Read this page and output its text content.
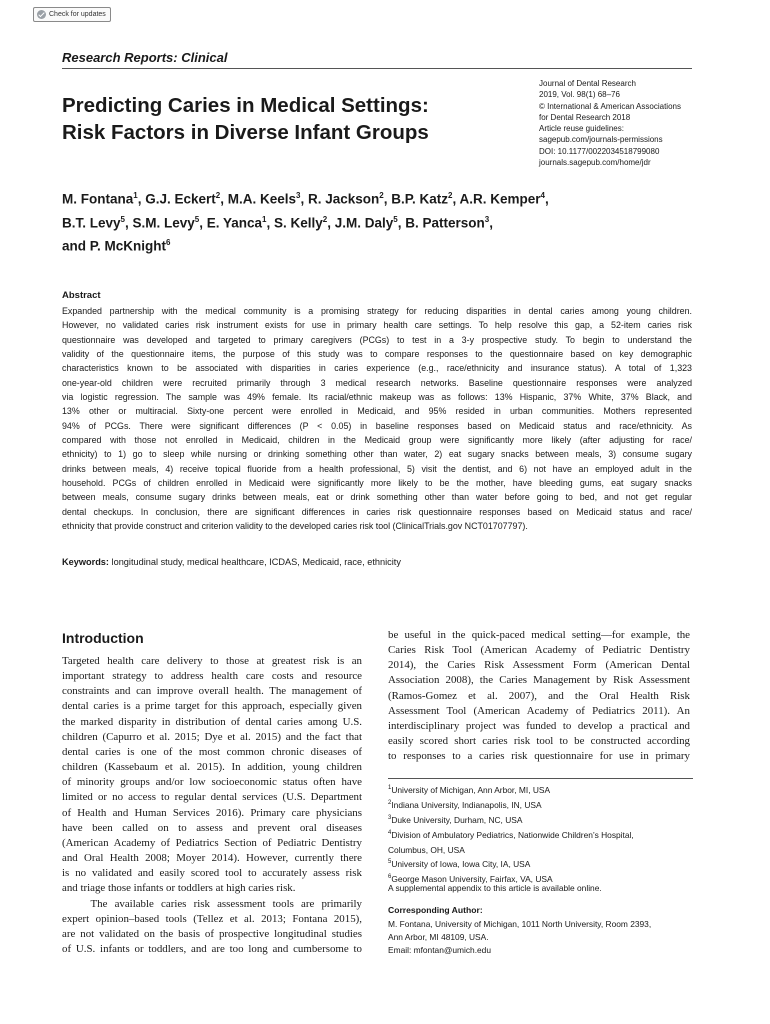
Check for updates
Research Reports: Clinical
Predicting Caries in Medical Settings:
Risk Factors in Diverse Infant Groups
Journal of Dental Research
2019, Vol. 98(1) 68–76
© International & American Associations
for Dental Research 2018
Article reuse guidelines:
sagepub.com/journals-permissions
DOI: 10.1177/0022034518799080
journals.sagepub.com/home/jdr
M. Fontana$^1$, G.J. Eckert$^2$, M.A. Keels$^3$, R. Jackson$^2$, B.P. Katz$^2$, A.R. Kemper$^4$,
B.T. Levy$^5$, S.M. Levy$^5$, E. Yanca$^1$, S. Kelly$^2$, J.M. Daly$^5$, B. Patterson$^3$,
and P. McKnight$^6$
Abstract
Expanded partnership with the medical community is a promising strategy for reducing disparities in dental caries among young children.
However, no validated caries risk instrument exists for use in primary health care settings. To help resolve this gap, a 52-item caries risk
questionnaire was developed and targeted to primary caregivers (PCGs) to test in a 3-y prospective study. To begin to understand the
validity of the questionnaire items, the purpose of this study was to compare responses to the questionnaire based on key demographic
characteristics known to be associated with disparities in caries experience (e.g., race/ethnicity and insurance status). A total of 1,323
one-year-old children were recruited primarily through 3 medical research networks. Baseline questionnaire responses were analyzed
via logistic regression. The sample was 49% female. Its racial/ethnic makeup was as follows: 13% Hispanic, 37% White, 37% Black, and
13% other or multiracial. Sixty-one percent were enrolled in Medicaid, and 95% resided in urban communities. Mothers represented
94% of PCGs. There were significant differences (P < 0.05) in baseline responses based on Medicaid status and race/ethnicity. As
compared with those not enrolled in Medicaid, children in the Medicaid group were significantly more likely (after adjusting for race/
ethnicity) to 1) go to sleep while nursing or drinking something other than water, 2) eat sugary snacks between meals, 3) consume sugary
drinks between meals, 4) receive topical fluoride from a health professional, 5) visit the dentist, and 6) not have an employed adult in the
household. PCGs of children enrolled in Medicaid were significantly more likely to be the mother, have bleeding gums, eat sugary snacks
between meals, consume sugary drinks between meals, eat or drink something other than water before going to bed, and not get regular
dental checkups. In conclusion, there are significant differences in caries risk questionnaire responses based on Medicaid status and race/
ethnicity that provide construct and criterion validity to the developed caries risk tool (ClinicalTrials.gov NCT01707797).
Keywords: longitudinal study, medical healthcare, ICDAS, Medicaid, race, ethnicity
Introduction
Targeted health care delivery to those at greatest risk is an
important strategy to address health care costs and resource
constraints and can improve overall health. The management of
dental caries is a prime target for this approach, especially given
the marked disparity in distribution of dental caries among U.S.
children (Capurro et al. 2015; Dye et al. 2015) and the fact that
dental caries is one of the most common chronic diseases of
children (Kassebaum et al. 2015). In addition, young children
of minority groups and/or low socioeconomic status often have
limited or no access to regular dental services (U.S. Department
of Health and Human Services 2016). Primary care physicians
have been called on to assess and prevent oral diseases
(American Academy of Pediatrics Section of Pediatric Dentistry
and Oral Health 2008; Moyer 2014). However, currently there
is no validated and easily scored tool to accurately assess risk
and triage those infants or toddlers at high caries risk.
The available caries risk assessment tools are primarily
expert opinion–based tools (Tellez et al. 2013; Fontana 2015),
are not validated on the basis of prospective longitudinal studies
of U.S. infants or toddlers, and are too long and cumbersome to
be useful in the quick-paced medical setting—for example, the
Caries Risk Tool (American Academy of Pediatric Dentistry
2014), the Caries Risk Assessment Form (American Dental
Association 2008), the Caries Management by Risk Assessment
(Ramos-Gomez et al. 2007), and the Oral Health Risk
Assessment Tool (American Academy of Pediatrics 2011). An
interdisciplinary project was funded to develop a practical and
easily scored short caries risk tool to be constructed according
to responses to a caries risk questionnaire for use in primary
$^1$University of Michigan, Ann Arbor, MI, USA
$^2$Indiana University, Indianapolis, IN, USA
$^3$Duke University, Durham, NC, USA
$^4$Division of Ambulatory Pediatrics, Nationwide Children’s Hospital,
Columbus, OH, USA
$^5$University of Iowa, Iowa City, IA, USA
$^6$George Mason University, Fairfax, VA, USA
A supplemental appendix to this article is available online.
Corresponding Author:
M. Fontana, University of Michigan, 1011 North University, Room 2393,
Ann Arbor, MI 48109, USA.
Email: mfontan@umich.edu
